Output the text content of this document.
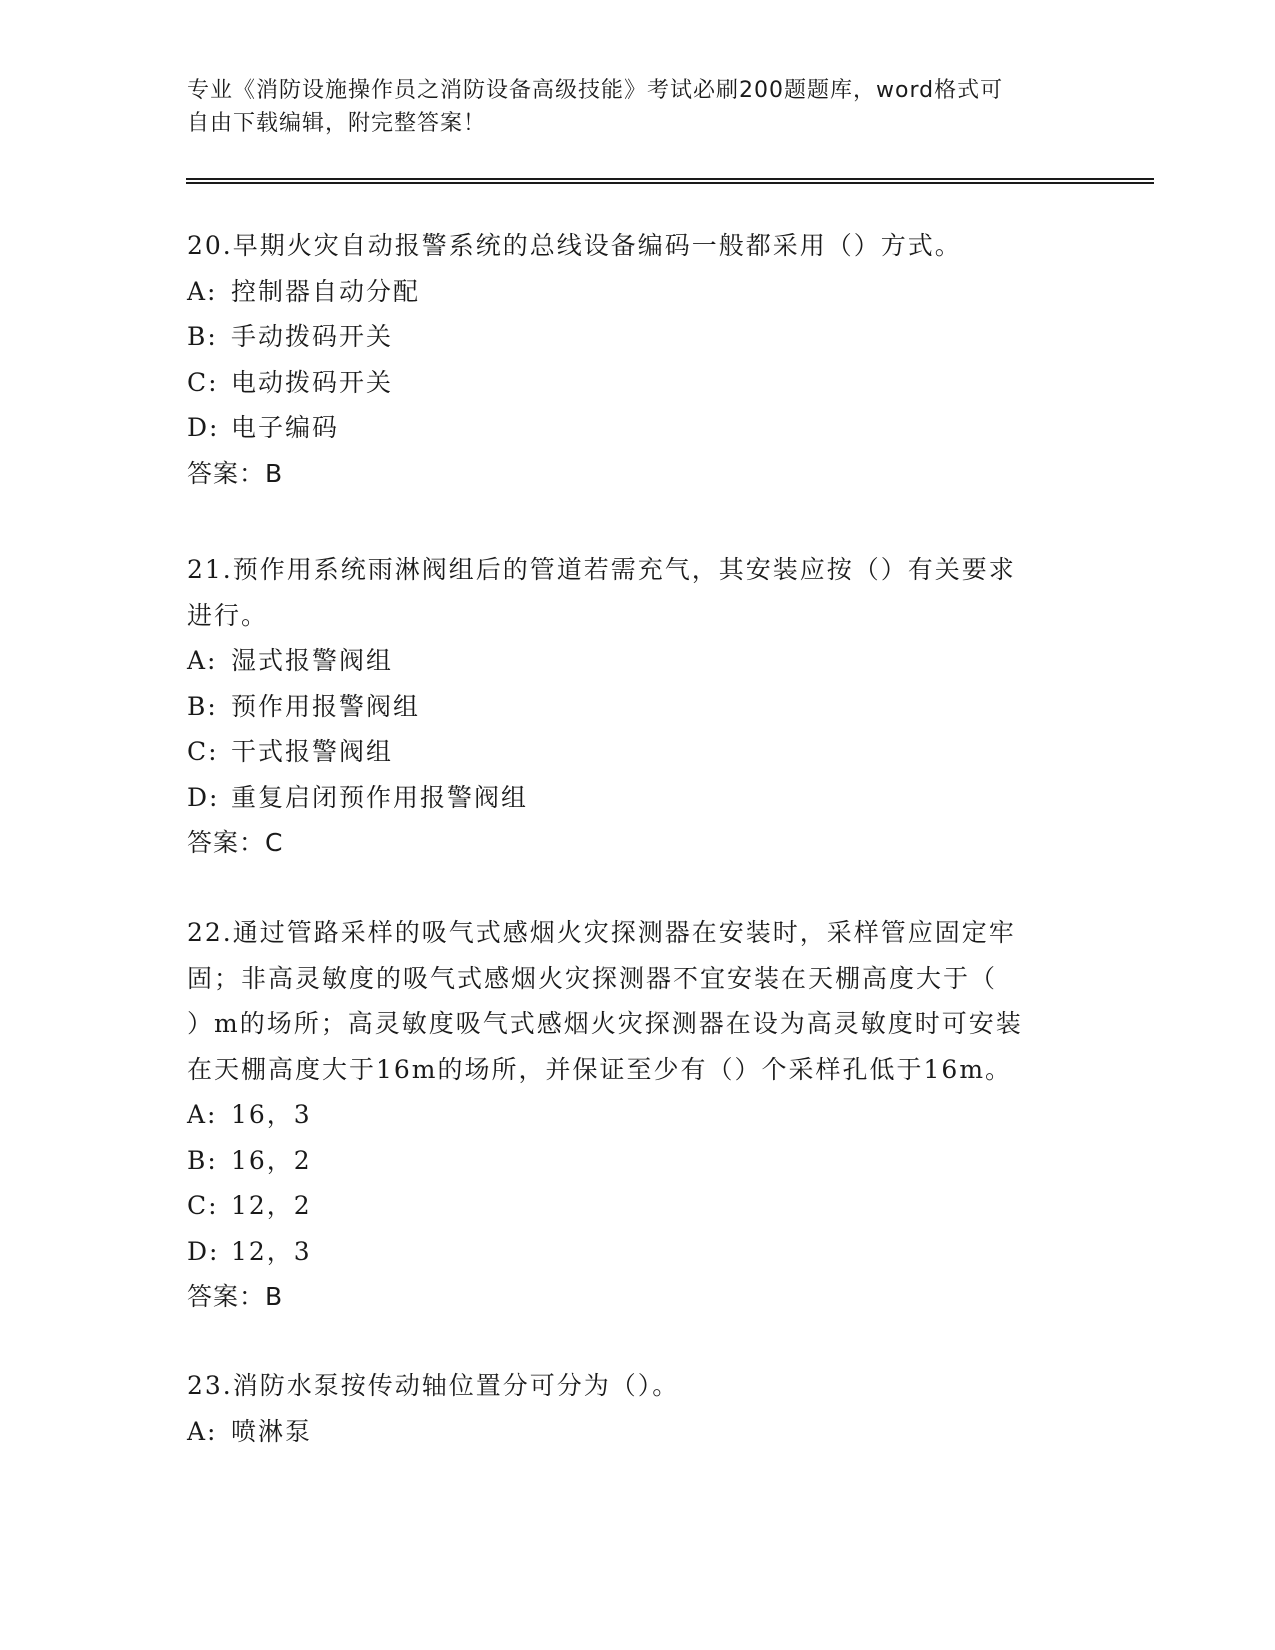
专业《消防设施操作员之消防设备高级技能》考试必刷200题题库，word格式可
自由下载编辑，附完整答案！
20.早期火灾自动报警系统的总线设备编码一般都采用（）方式。
A: 控制器自动分配
B: 手动拨码开关
C: 电动拨码开关
D: 电子编码
答案：B
21.预作用系统雨淋阀组后的管道若需充气，其安装应按（）有关要求
进行。
A: 湿式报警阀组
B: 预作用报警阀组
C: 干式报警阀组
D: 重复启闭预作用报警阀组
答案：C
22.通过管路采样的吸气式感烟火灾探测器在安装时，采样管应固定牢
固；非高灵敏度的吸气式感烟火灾探测器不宜安装在天棚高度大于（
）m的场所；高灵敏度吸气式感烟火灾探测器在设为高灵敏度时可安装
在天棚高度大于16m的场所，并保证至少有（）个采样孔低于16m。
A: 16，3
B: 16，2
C: 12，2
D: 12，3
答案：B
23.消防水泵按传动轴位置分可分为（）。
A: 喷淋泵
